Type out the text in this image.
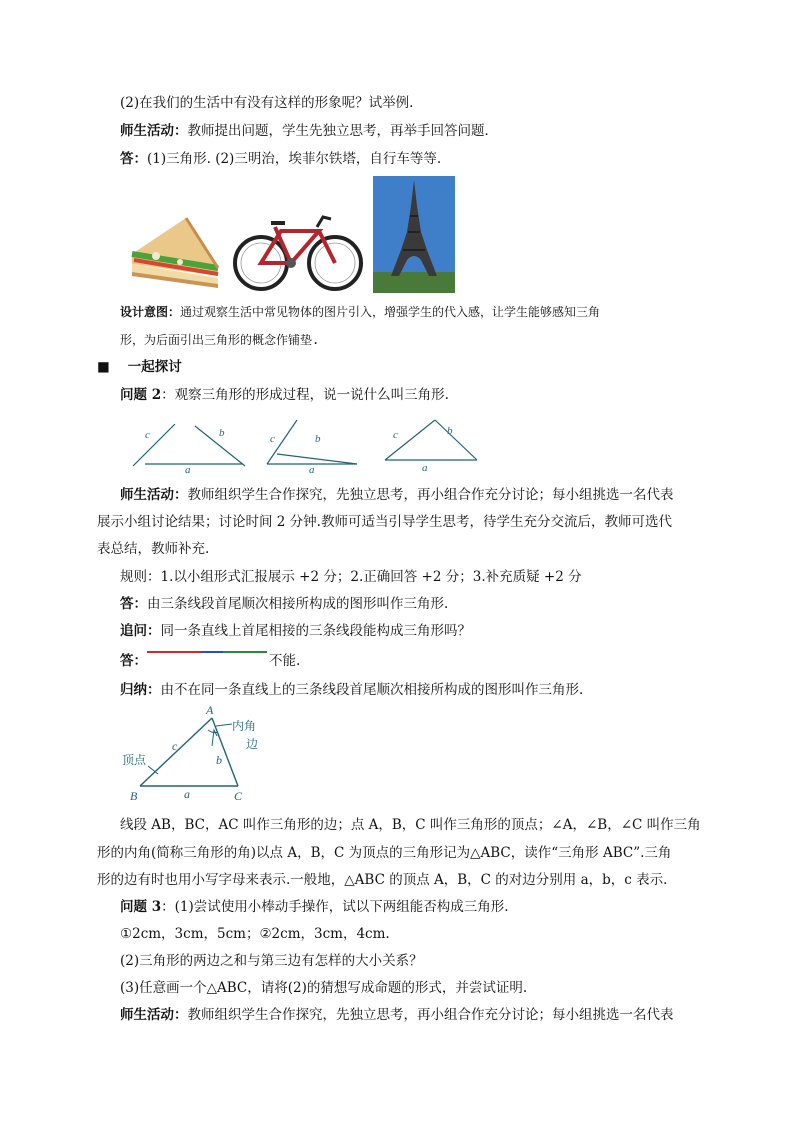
(2)在我们的生活中有没有这样的形象呢？试举例.
师生活动：教师提出问题，学生先独立思考，再举手回答问题．
答：(1)三角形. (2)三明治，埃菲尔铁塔，自行车等等.
设计意图：通过观察生活中常见物体的图片引入，增强学生的代入感，让学生能够感知三角
形，为后面引出三角形的概念作铺垫.
■ 一起探讨
问题 2：观察三角形的形成过程，说一说什么叫三角形.
c	b
a
c	b
a
c	b
a
师生活动：教师组织学生合作探究，先独立思考，再小组合作充分讨论；每小组挑选一名代表
展示小组讨论结果；讨论时间 2 分钟.教师可适当引导学生思考，待学生充分交流后，教师可选代
表总结，教师补充.
规则：1.以小组形式汇报展示 +2 分；2.正确回答 +2 分；3.补充质疑 +2 分
答：由三条线段首尾顺次相接所构成的图形叫作三角形.
追问：同一条直线上首尾相接的三条线段能构成三角形吗？
答：	不能.
归纳：由不在同一条直线上的三条线段首尾顺次相接所构成的图形叫作三角形.
A
B	C
c
b
a
顶点
内角
边
线段 AB，BC，AC 叫作三角形的边；点 A，B，C 叫作三角形的顶点；∠A，∠B，∠C 叫作三角
形的内角(简称三角形的角)以点 A，B，C 为顶点的三角形记为△ABC，读作“三角形 ABC”.三角
形的边有时也用小写字母来表示.一般地，△ABC 的顶点 A，B，C 的对边分别用 a，b，c 表示.
问题 3：(1)尝试使用小棒动手操作，试以下两组能否构成三角形.
①2cm，3cm，5cm；②2cm，3cm，4cm.
(2)三角形的两边之和与第三边有怎样的大小关系？
(3)任意画一个△ABC，请将(2)的猜想写成命题的形式，并尝试证明.
师生活动：教师组织学生合作探究，先独立思考，再小组合作充分讨论；每小组挑选一名代表
